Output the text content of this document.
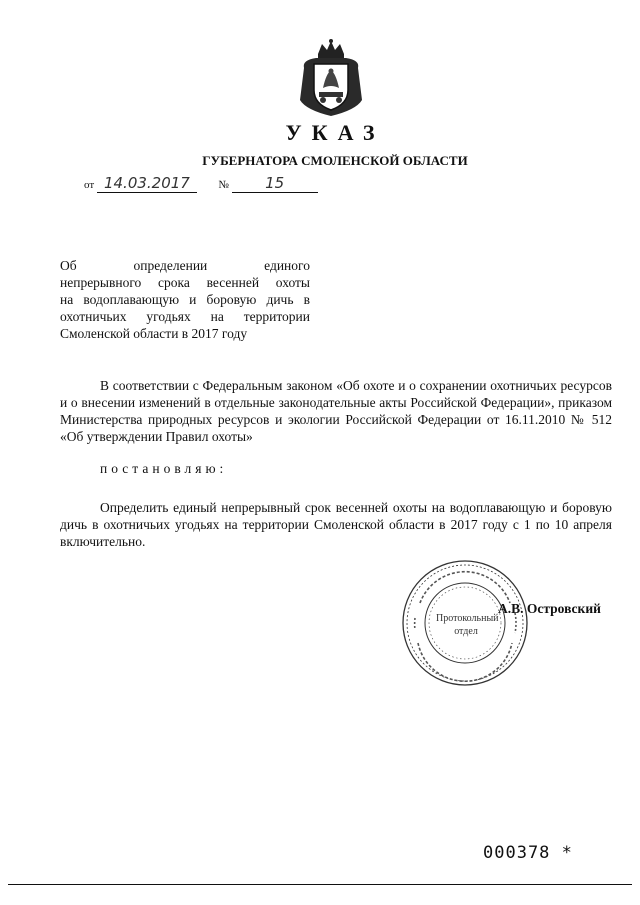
УКАЗ
ГУБЕРНАТОРА СМОЛЕНСКОЙ ОБЛАСТИ
от 14.03.2017	№ 15
Об определении единого
непрерывного срока весенней охоты
на водоплавающую и боровую дичь в
охотничьих угодьях на территории
Смоленской области в 2017 году
В соответствии с Федеральным законом «Об охоте и о сохранении охотничьих ресурсов и о внесении изменений в отдельные законодательные акты Российской Федерации», приказом Министерства природных ресурсов и экологии Российской Федерации от 16.11.2010 № 512 «Об утверждении Правил охоты»
постановляю:
Определить единый непрерывный срок весенней охоты на водоплавающую и боровую дичь в охотничьих угодьях на территории Смоленской области в 2017 году с 1 по 10 апреля включительно.
Протокольный отдел
А.В. Островский
000378 *
